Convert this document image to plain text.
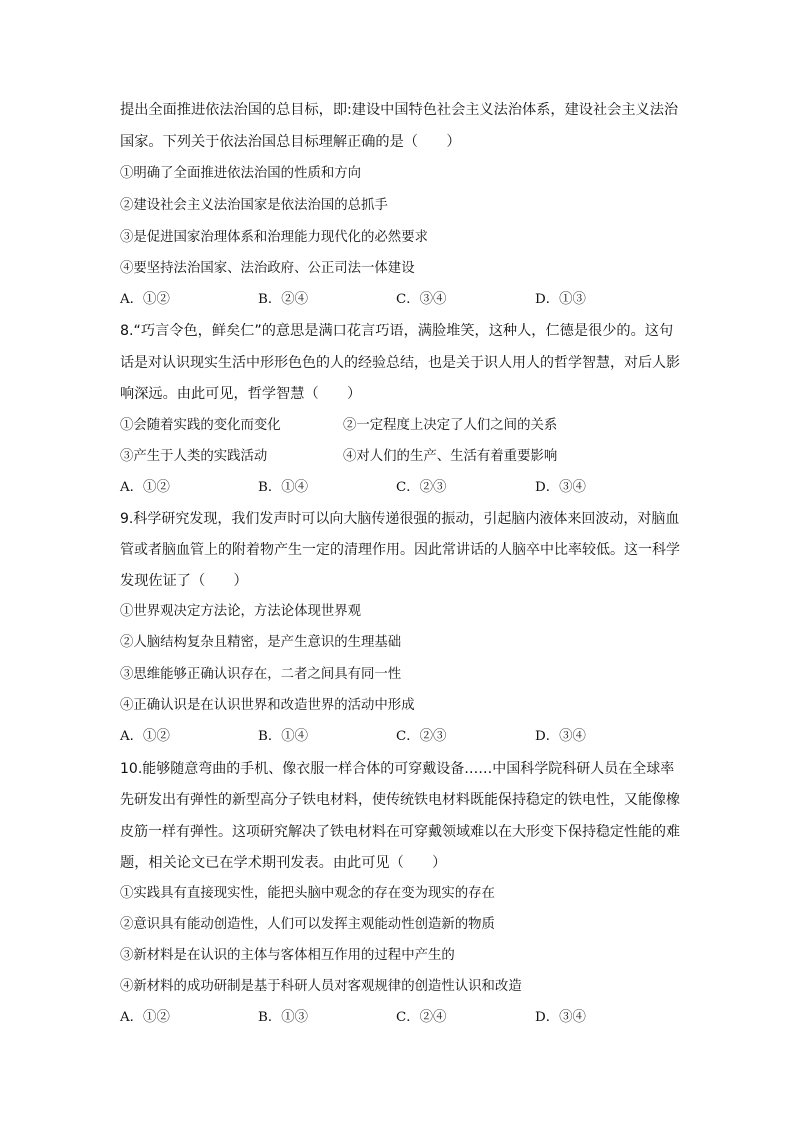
提出全面推进依法治国的总目标，即:建设中国特色社会主义法治体系，建设社会主义法治
国家。下列关于依法治国总目标理解正确的是（　　）
①明确了全面推进依法治国的性质和方向
②建设社会主义法治国家是依法治国的总抓手
③是促进国家治理体系和治理能力现代化的必然要求
④要坚持法治国家、法治政府、公正司法一体建设
A．①②	B．②④	C．③④	D．①③
8.“巧言令色，鲜矣仁”的意思是满口花言巧语，满脸堆笑，这种人，仁德是很少的。这句
话是对认识现实生活中形形色色的人的经验总结，也是关于识人用人的哲学智慧，对后人影
响深远。由此可见，哲学智慧（　　）
①会随着实践的变化而变化	②一定程度上决定了人们之间的关系
③产生于人类的实践活动	④对人们的生产、生活有着重要影响
A．①②	B．①④	C．②③	D．③④
9.科学研究发现，我们发声时可以向大脑传递很强的振动，引起脑内液体来回波动，对脑血
管或者脑血管上的附着物产生一定的清理作用。因此常讲话的人脑卒中比率较低。这一科学
发现佐证了（　　）
①世界观决定方法论，方法论体现世界观
②人脑结构复杂且精密，是产生意识的生理基础
③思维能够正确认识存在，二者之间具有同一性
④正确认识是在认识世界和改造世界的活动中形成
A．①②	B．①④	C．②③	D．③④
10.能够随意弯曲的手机、像衣服一样合体的可穿戴设备……中国科学院科研人员在全球率
先研发出有弹性的新型高分子铁电材料，使传统铁电材料既能保持稳定的铁电性，又能像橡
皮筋一样有弹性。这项研究解决了铁电材料在可穿戴领域难以在大形变下保持稳定性能的难
题，相关论文已在学术期刊发表。由此可见（　　）
①实践具有直接现实性，能把头脑中观念的存在变为现实的存在
②意识具有能动创造性，人们可以发挥主观能动性创造新的物质
③新材料是在认识的主体与客体相互作用的过程中产生的
④新材料的成功研制是基于科研人员对客观规律的创造性认识和改造
A．①②	B．①③	C．②④	D．③④
